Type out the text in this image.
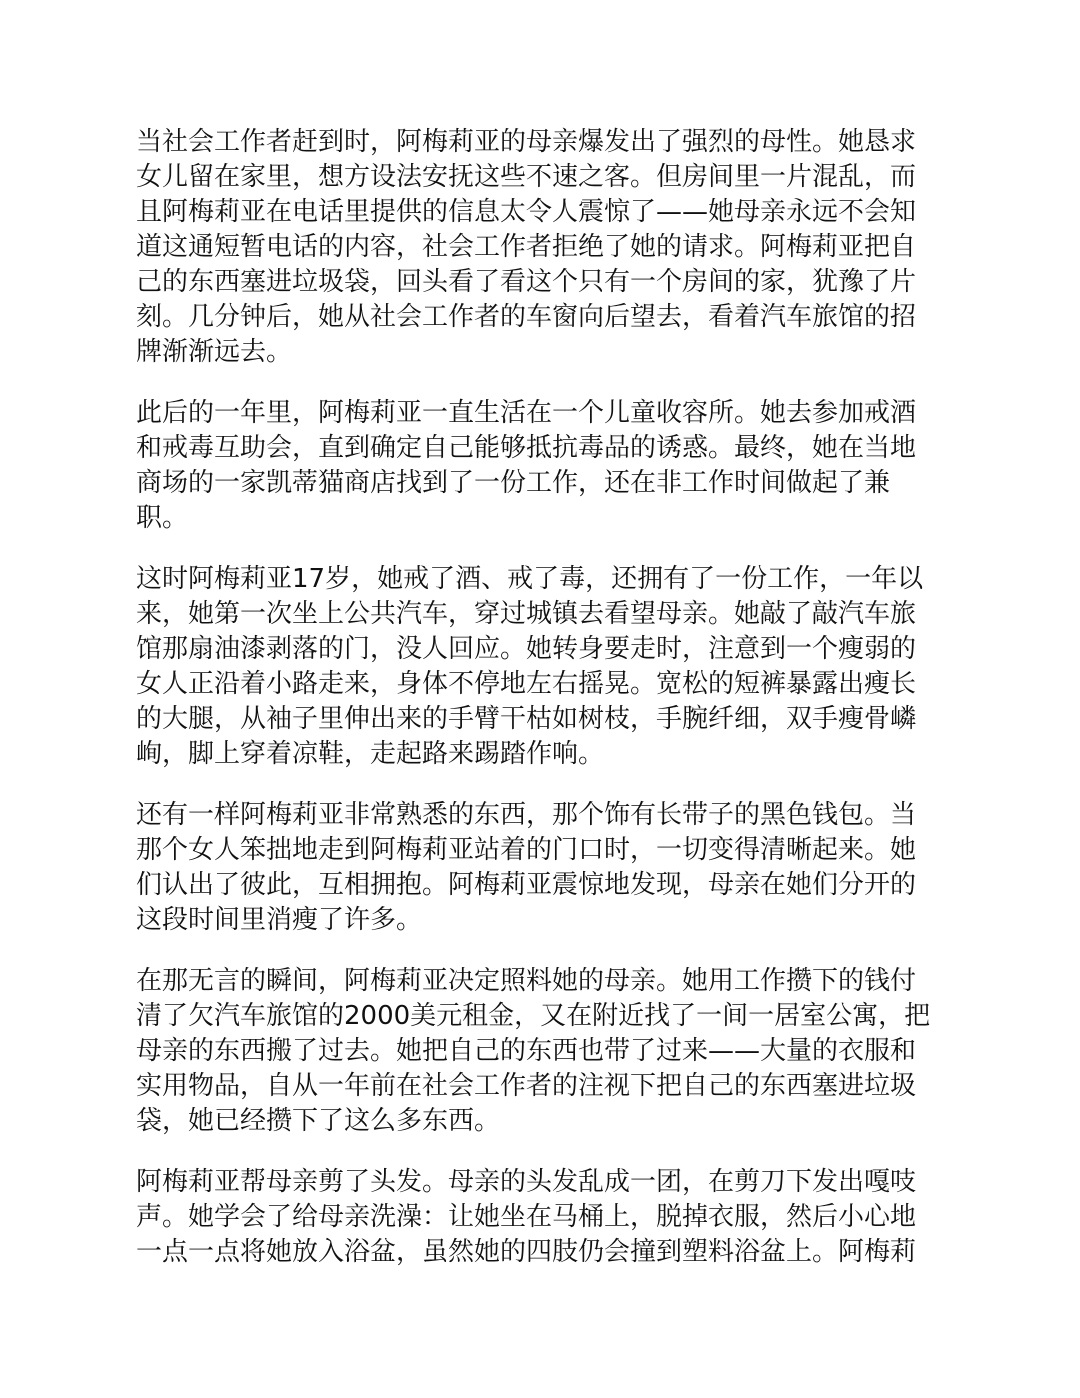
当社会工作者赶到时，阿梅莉亚的母亲爆发出了强烈的母性。她恳求
女儿留在家里，想方设法安抚这些不速之客。但房间里一片混乱，而
且阿梅莉亚在电话里提供的信息太令人震惊了——她母亲永远不会知
道这通短暂电话的内容，社会工作者拒绝了她的请求。阿梅莉亚把自
己的东西塞进垃圾袋，回头看了看这个只有一个房间的家，犹豫了片
刻。几分钟后，她从社会工作者的车窗向后望去，看着汽车旅馆的招
牌渐渐远去。

此后的一年里，阿梅莉亚一直生活在一个儿童收容所。她去参加戒酒
和戒毒互助会，直到确定自己能够抵抗毒品的诱惑。最终，她在当地
商场的一家凯蒂猫商店找到了一份工作，还在非工作时间做起了兼
职。

这时阿梅莉亚17岁，她戒了酒、戒了毒，还拥有了一份工作，一年以
来，她第一次坐上公共汽车，穿过城镇去看望母亲。她敲了敲汽车旅
馆那扇油漆剥落的门，没人回应。她转身要走时，注意到一个瘦弱的
女人正沿着小路走来，身体不停地左右摇晃。宽松的短裤暴露出瘦长
的大腿，从袖子里伸出来的手臂干枯如树枝，手腕纤细，双手瘦骨嶙
峋，脚上穿着凉鞋，走起路来踢踏作响。

还有一样阿梅莉亚非常熟悉的东西，那个饰有长带子的黑色钱包。当
那个女人笨拙地走到阿梅莉亚站着的门口时，一切变得清晰起来。她
们认出了彼此，互相拥抱。阿梅莉亚震惊地发现，母亲在她们分开的
这段时间里消瘦了许多。

在那无言的瞬间，阿梅莉亚决定照料她的母亲。她用工作攒下的钱付
清了欠汽车旅馆的2000美元租金，又在附近找了一间一居室公寓，把
母亲的东西搬了过去。她把自己的东西也带了过来——大量的衣服和
实用物品，自从一年前在社会工作者的注视下把自己的东西塞进垃圾
袋，她已经攒下了这么多东西。

阿梅莉亚帮母亲剪了头发。母亲的头发乱成一团，在剪刀下发出嘎吱
声。她学会了给母亲洗澡：让她坐在马桶上，脱掉衣服，然后小心地
一点一点将她放入浴盆，虽然她的四肢仍会撞到塑料浴盆上。阿梅莉
